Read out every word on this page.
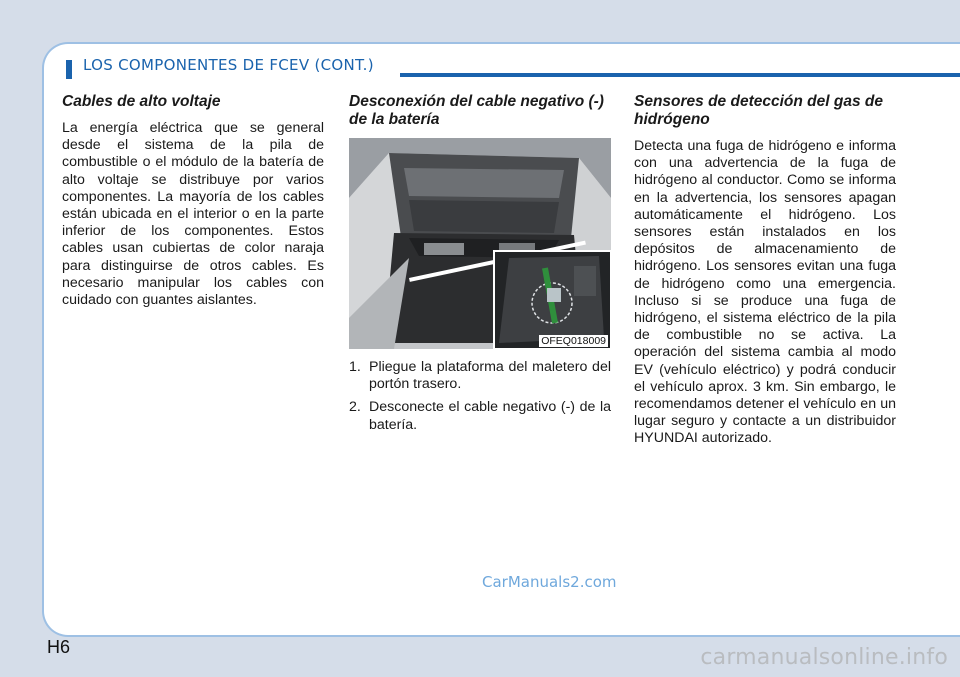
LOS COMPONENTES DE FCEV (CONT.)
Cables de alto voltaje

La energía eléctrica que se general desde el sistema de la pila de combustible o el módulo de la batería de alto voltaje se distribuye por varios componentes. La mayoría de los cables están ubicada en el interior o en la parte inferior de los componentes. Estos cables usan cubiertas de color naraja para distinguirse de otros cables. Es necesario manipular los cables con cuidado con guantes aislantes.

Desconexión del cable negativo (-) de la batería
OFEQ018009
1. Pliegue la plataforma del maletero del portón trasero.
2. Desconecte el cable negativo (-) de la batería.
Sensores de detección del gas de hidrógeno

Detecta una fuga de hidrógeno e informa con una advertencia de la fuga de hidrógeno al conductor. Como se informa en la advertencia, los sensores apagan automáticamente el hidrógeno. Los sensores están instalados en los depósitos de almacenamiento de hidrógeno. Los sensores evitan una fuga de hidrógeno como una emergencia. Incluso si se produce una fuga de hidrógeno, el sistema eléctrico de la pila de combustible no se activa. La operación del sistema cambia al modo EV (vehículo eléctrico) y podrá conducir el vehículo aprox. 3 km. Sin embargo, le recomendamos detener el vehículo en un lugar seguro y contacte a un distribuidor HYUNDAI autorizado.

CarManuals2.com
H6	carmanualsonline.info
